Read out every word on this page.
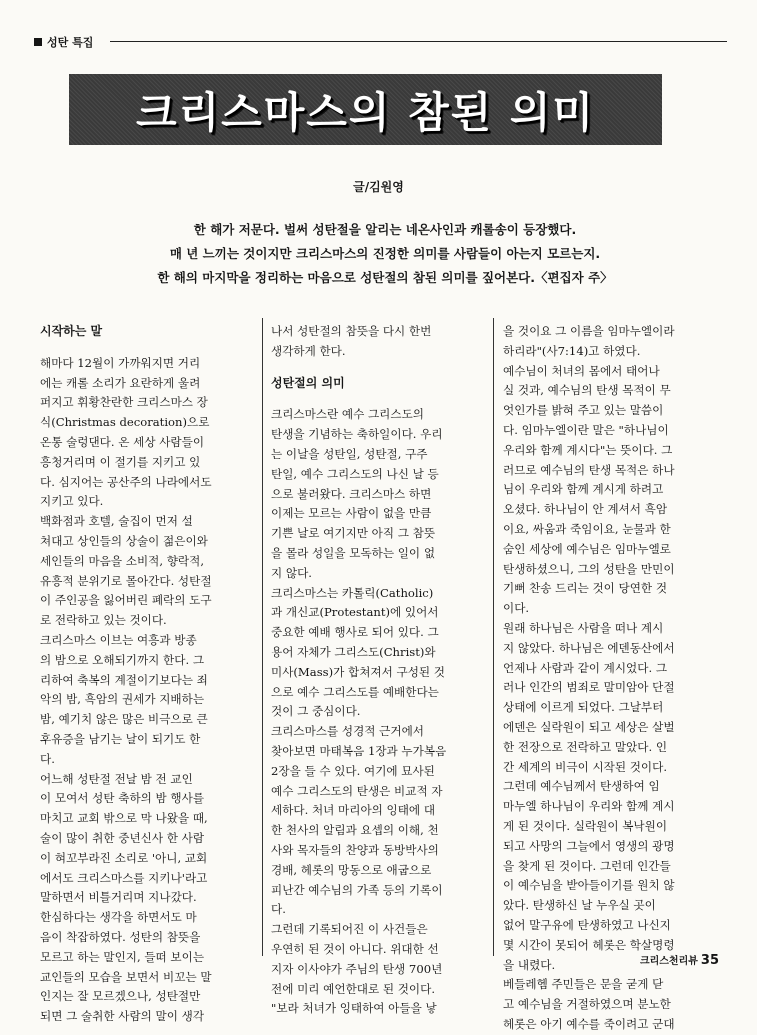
성탄 특집
크리스마스의 참된 의미
글/김원영
한 해가 저문다. 벌써 성탄절을 알리는 네온사인과 캐롤송이 등장했다.
매 년 느끼는 것이지만 크리스마스의 진정한 의미를 사람들이 아는지 모르는지.
한 해의 마지막을 정리하는 마음으로 성탄절의 참된 의미를 짚어본다.〈편집자 주〉
시작하는 말
해마다 12월이 가까워지면 거리
에는 캐롤 소리가 요란하게 울려
퍼지고 휘황찬란한 크리스마스 장
식(Christmas decoration)으로
온통 술렁댄다. 온 세상 사람들이
흥청거리며 이 절기를 지키고 있
다. 심지어는 공산주의 나라에서도
지키고 있다.
백화점과 호텔, 술집이 먼저 설
쳐대고 상인들의 상술이 젊은이와
세인들의 마음을 소비적, 향락적,
유흥적 분위기로 몰아간다. 성탄절
이 주인공을 잃어버린 폐락의 도구
로 전락하고 있는 것이다.
크리스마스 이브는 여흥과 방종
의 밤으로 오해되기까지 한다. 그
리하여 축복의 계절이기보다는 죄
악의 밤, 흑암의 권세가 지배하는
밤, 예기치 않은 많은 비극으로 큰
후유증을 남기는 날이 되기도 한
다.
어느해 성탄절 전날 밤 전 교인
이 모여서 성탄 축하의 밤 행사를
마치고 교회 밖으로 막 나왔을 때,
술이 많이 취한 중년신사 한 사람
이 혀꼬부라진 소리로 '아니, 교회
에서도 크리스마스를 지키나'라고
말하면서 비틀거리며 지나갔다.
한심하다는 생각을 하면서도 마
음이 착잡하였다. 성탄의 참뜻을
모르고 하는 말인지, 들떠 보이는
교인들의 모습을 보면서 비꼬는 말
인지는 잘 모르겠으나, 성탄절만
되면 그 술취한 사람의 말이 생각
나서 성탄절의 참뜻을 다시 한번
생각하게 한다.
성탄절의 의미
크리스마스란 예수 그리스도의
탄생을 기념하는 축하일이다. 우리
는 이날을 성탄일, 성탄절, 구주
탄일, 예수 그리스도의 나신 날 등
으로 불러왔다. 크리스마스 하면
이제는 모르는 사람이 없을 만큼
기쁜 날로 여기지만 아직 그 참뜻
을 몰라 성일을 모독하는 일이 없
지 않다.
크리스마스는 카톨릭(Catholic)
과 개신교(Protestant)에 있어서
중요한 예배 행사로 되어 있다. 그
용어 자체가 그리스도(Christ)와
미사(Mass)가 합쳐져서 구성된 것
으로 예수 그리스도를 예배한다는
것이 그 중심이다.
크리스마스를 성경적 근거에서
찾아보면 마태복음 1장과 누가복음
2장을 들 수 있다. 여기에 묘사된
예수 그리스도의 탄생은 비교적 자
세하다. 처녀 마리아의 잉태에 대
한 천사의 알림과 요셉의 이해, 천
사와 목자들의 찬양과 동방박사의
경배, 헤롯의 망동으로 애굽으로
피난간 예수님의 가족 등의 기록이
다.
그런데 기록되어진 이 사건들은
우연히 된 것이 아니다. 위대한 선
지자 이사야가 주님의 탄생 700년
전에 미리 예언한대로 된 것이다.
"보라 처녀가 잉태하여 아들을 낳
을 것이요 그 이름을 임마누엘이라
하리라"(사7:14)고 하였다.
예수님이 처녀의 몸에서 태어나
실 것과, 예수님의 탄생 목적이 무
엇인가를 밝혀 주고 있는 말씀이
다. 임마누엘이란 말은 "하나님이
우리와 함께 계시다"는 뜻이다. 그
러므로 예수님의 탄생 목적은 하나
님이 우리와 함께 계시게 하려고
오셨다. 하나님이 안 계셔서 흑암
이요, 싸움과 죽임이요, 눈물과 한
숨인 세상에 예수님은 임마누엘로
탄생하셨으니, 그의 성탄을 만민이
기뻐 찬송 드리는 것이 당연한 것
이다.
원래 하나님은 사람을 떠나 계시
지 않았다. 하나님은 에덴동산에서
언제나 사람과 같이 계시었다. 그
러나 인간의 범죄로 말미암아 단절
상태에 이르게 되었다. 그날부터
에덴은 실락원이 되고 세상은 살벌
한 전장으로 전락하고 말았다. 인
간 세계의 비극이 시작된 것이다.
그런데 예수님께서 탄생하여 임
마누엘 하나님이 우리와 함께 계시
게 된 것이다. 실락원이 복낙원이
되고 사망의 그늘에서 영생의 광명
을 찾게 된 것이다. 그런데 인간들
이 예수님을 받아들이기를 원치 않
았다. 탄생하신 날 누우실 곳이
없어 말구유에 탄생하였고 나신지
몇 시간이 못되어 헤롯은 학살명령
을 내렸다.
베들레헴 주민들은 문을 굳게 닫
고 예수님을 거절하였으며 분노한
헤롯은 아기 예수를 죽이려고 군대
크리스천리뷰 35
